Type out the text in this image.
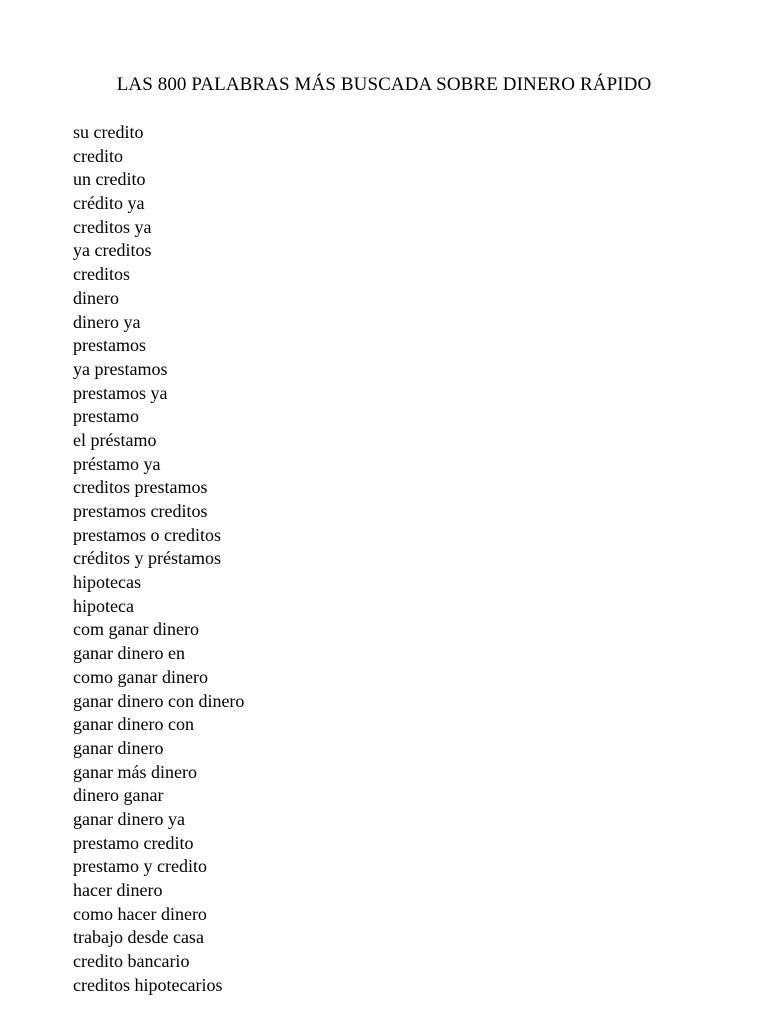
LAS 800 PALABRAS MÁS BUSCADA SOBRE DINERO RÁPIDO
su credito
credito
un credito
crédito ya
creditos ya
ya creditos
creditos
dinero
dinero ya
prestamos
ya prestamos
prestamos ya
prestamo
el préstamo
préstamo ya
creditos prestamos
prestamos creditos
prestamos o creditos
créditos y préstamos
hipotecas
hipoteca
com ganar dinero
ganar dinero en
como ganar dinero
ganar dinero con dinero
ganar dinero con
ganar dinero
ganar más dinero
dinero ganar
ganar dinero ya
prestamo credito
prestamo y credito
hacer dinero
como hacer dinero
trabajo desde casa
credito bancario
creditos hipotecarios
